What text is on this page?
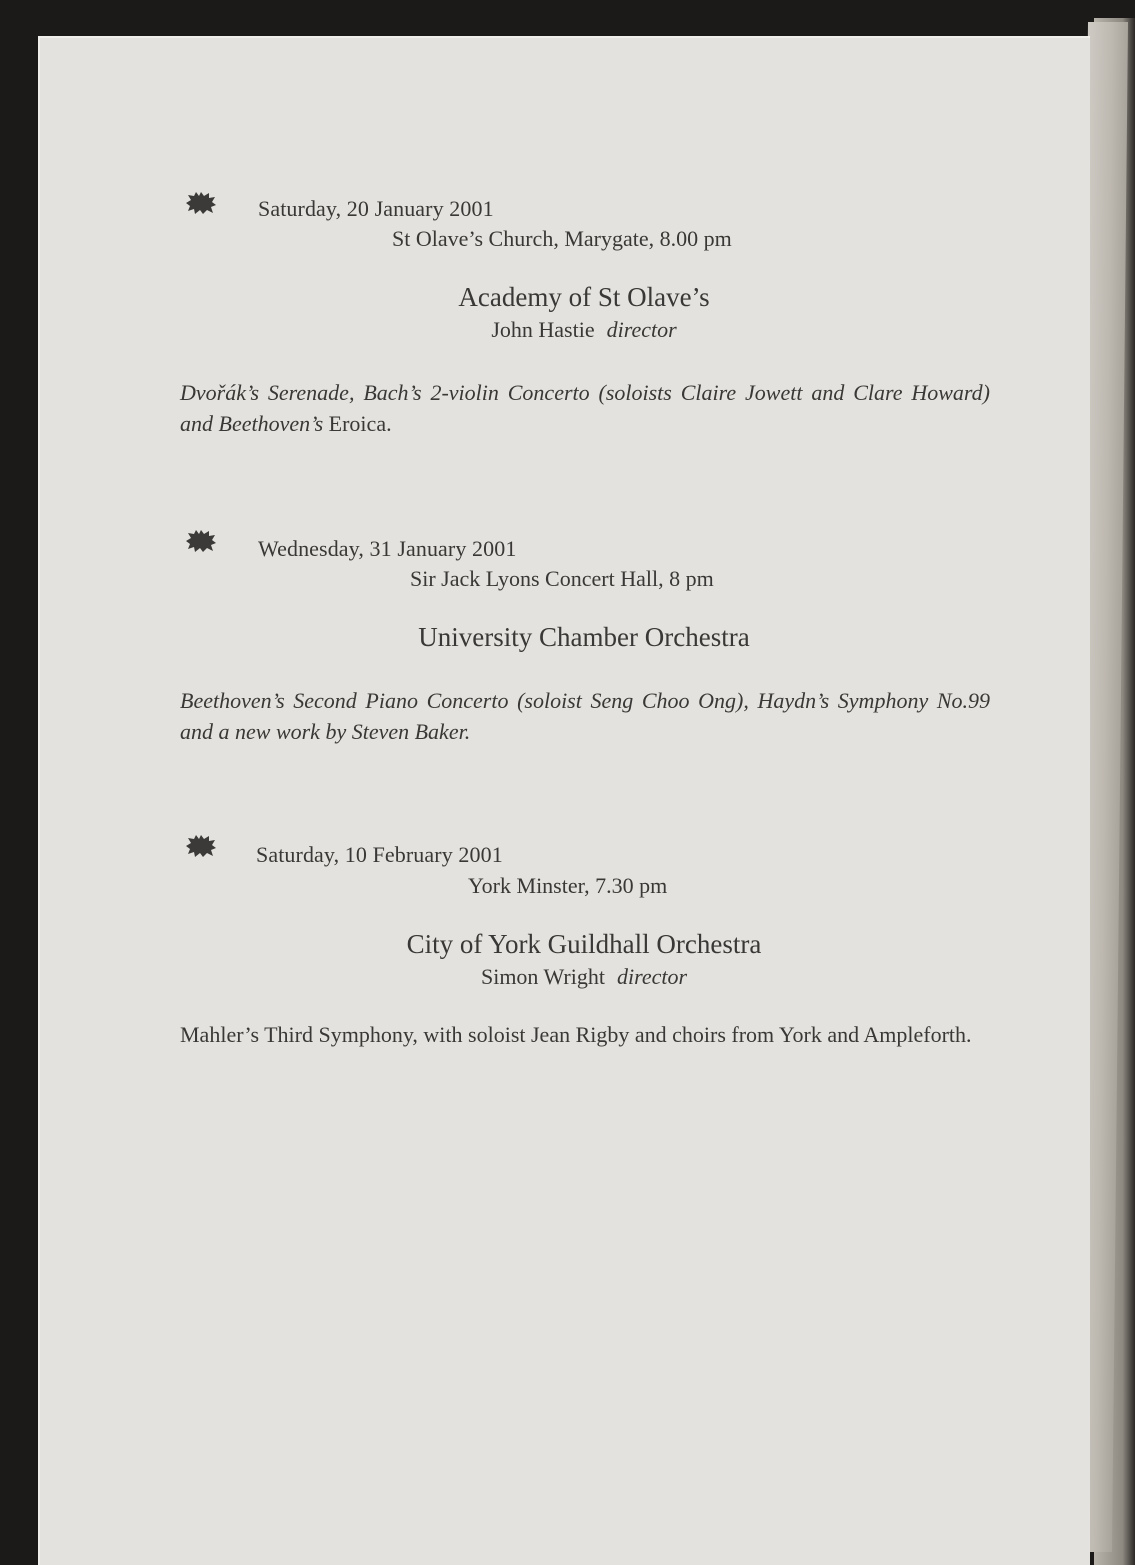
Saturday, 20 January 2001
St Olave’s Church, Marygate, 8.00 pm
Academy of St Olave’s
John Hastie director
Dvořák’s Serenade, Bach’s 2-violin Concerto (soloists Claire Jowett and Clare Howard) and Beethoven’s Eroica.
Wednesday, 31 January 2001
Sir Jack Lyons Concert Hall, 8 pm
University Chamber Orchestra
Beethoven’s Second Piano Concerto (soloist Seng Choo Ong), Haydn’s Symphony No.99 and a new work by Steven Baker.
Saturday, 10 February 2001
York Minster, 7.30 pm
City of York Guildhall Orchestra
Simon Wright director
Mahler’s Third Symphony, with soloist Jean Rigby and choirs from York and Ampleforth.
